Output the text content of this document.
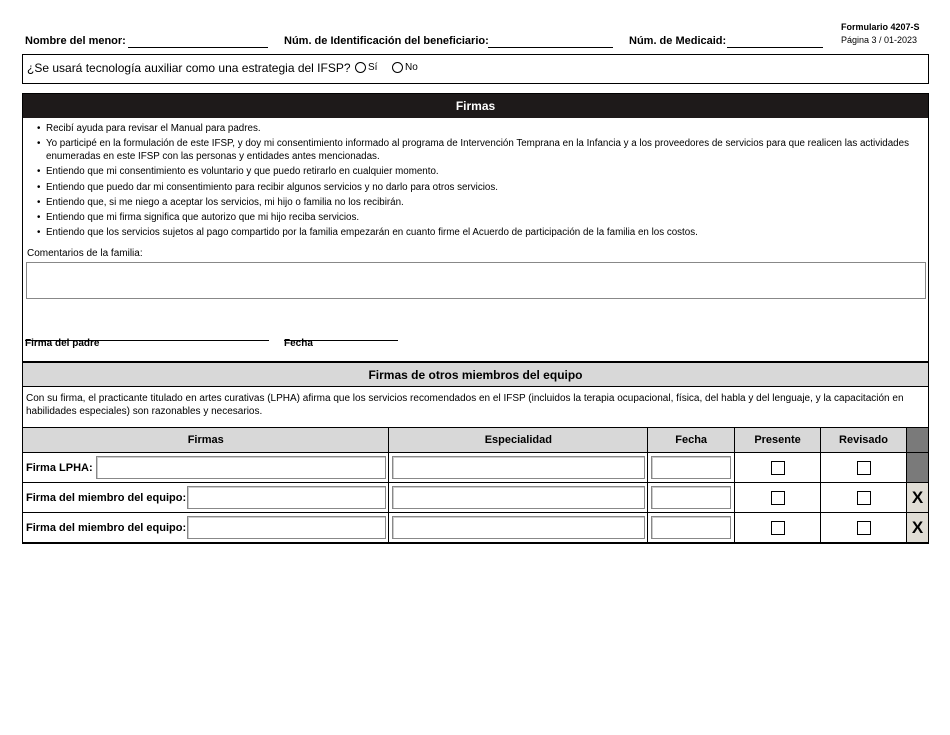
Nombre del menor:	Núm. de Identificación del beneficiario:	Núm. de Medicaid:
Formulario 4207-S
Página 3 / 01-2023
¿Se usará tecnología auxiliar como una estrategia del IFSP?	Sí	No
Firmas
• Recibí ayuda para revisar el Manual para padres.
• Yo participé en la formulación de este IFSP, y doy mi consentimiento informado al programa de Intervención Temprana en la Infancia y a los proveedores de servicios para que realicen las actividades enumeradas en este IFSP con las personas y entidades antes mencionadas.
• Entiendo que mi consentimiento es voluntario y que puedo retirarlo en cualquier momento.
• Entiendo que puedo dar mi consentimiento para recibir algunos servicios y no darlo para otros servicios.
• Entiendo que, si me niego a aceptar los servicios, mi hijo o familia no los recibirán.
• Entiendo que mi firma significa que autorizo que mi hijo reciba servicios.
• Entiendo que los servicios sujetos al pago compartido por la familia empezarán en cuanto firme el Acuerdo de participación de la familia en los costos.
Comentarios de la familia:
Firma del padre	Fecha
Firmas de otros miembros del equipo
Con su firma, el practicante titulado en artes curativas (LPHA) afirma que los servicios recomendados en el IFSP (incluidos la terapia ocupacional, física, del habla y del lenguaje, y la capacitación en habilidades especiales) son razonables y necesarios.
Firmas	Especialidad	Fecha	Presente	Revisado	

Firma LPHA:					

Firma del miembro del equipo:					X

Firma del miembro del equipo:					X
